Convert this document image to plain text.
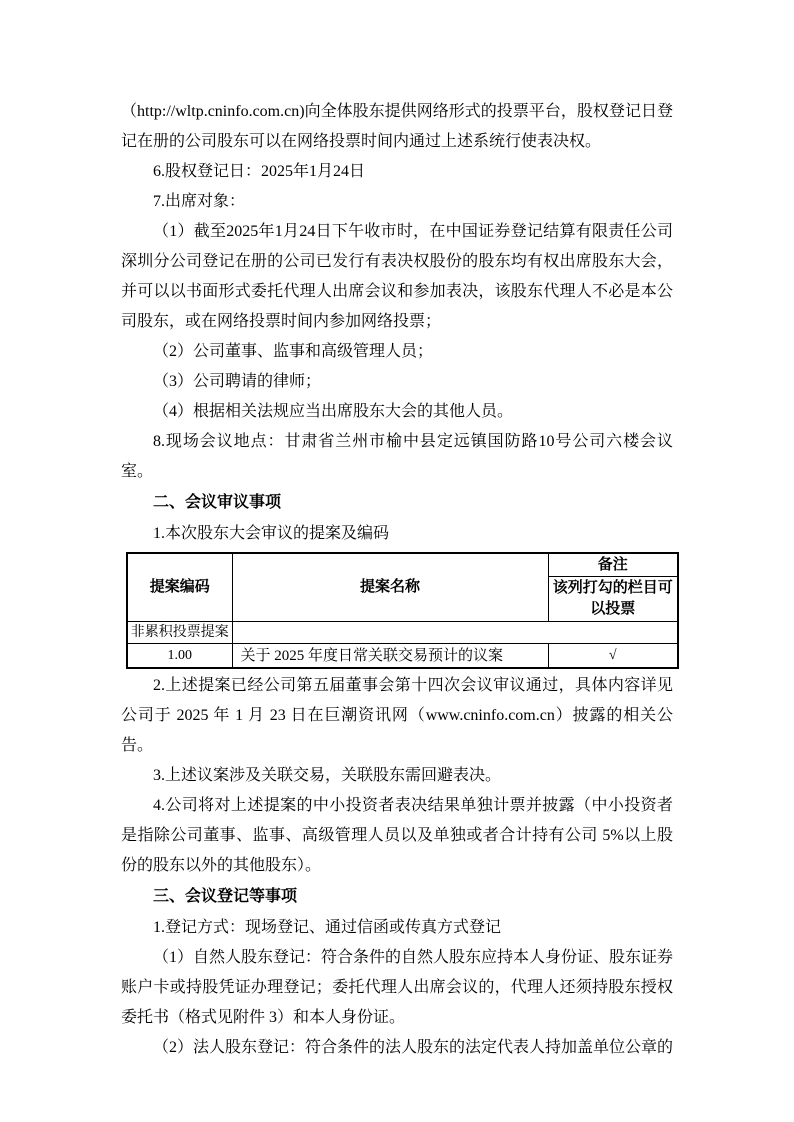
（http://wltp.cninfo.com.cn)向全体股东提供网络形式的投票平台，股权登记日登记在册的公司股东可以在网络投票时间内通过上述系统行使表决权。

6.股权登记日：2025年1月24日

7.出席对象：

（1）截至2025年1月24日下午收市时，在中国证券登记结算有限责任公司深圳分公司登记在册的公司已发行有表决权股份的股东均有权出席股东大会，并可以以书面形式委托代理人出席会议和参加表决，该股东代理人不必是本公司股东，或在网络投票时间内参加网络投票；

（2）公司董事、监事和高级管理人员；

（3）公司聘请的律师；

（4）根据相关法规应当出席股东大会的其他人员。

8.现场会议地点：甘肃省兰州市榆中县定远镇国防路10号公司六楼会议室。

二、会议审议事项

1.本次股东大会审议的提案及编码

提案编码	提案名称	备注
		该列打勾的栏目可以投票
非累积投票提案		
1.00	关于 2025 年度日常关联交易预计的议案	√

2.上述提案已经公司第五届董事会第十四次会议审议通过，具体内容详见公司于 2025 年 1 月 23 日在巨潮资讯网（www.cninfo.com.cn）披露的相关公告。

3.上述议案涉及关联交易，关联股东需回避表决。

4.公司将对上述提案的中小投资者表决结果单独计票并披露（中小投资者是指除公司董事、监事、高级管理人员以及单独或者合计持有公司 5%以上股份的股东以外的其他股东）。

三、会议登记等事项

1.登记方式：现场登记、通过信函或传真方式登记

（1）自然人股东登记：符合条件的自然人股东应持本人身份证、股东证券账户卡或持股凭证办理登记；委托代理人出席会议的，代理人还须持股东授权委托书（格式见附件 3）和本人身份证。

（2）法人股东登记：符合条件的法人股东的法定代表人持加盖单位公章的
